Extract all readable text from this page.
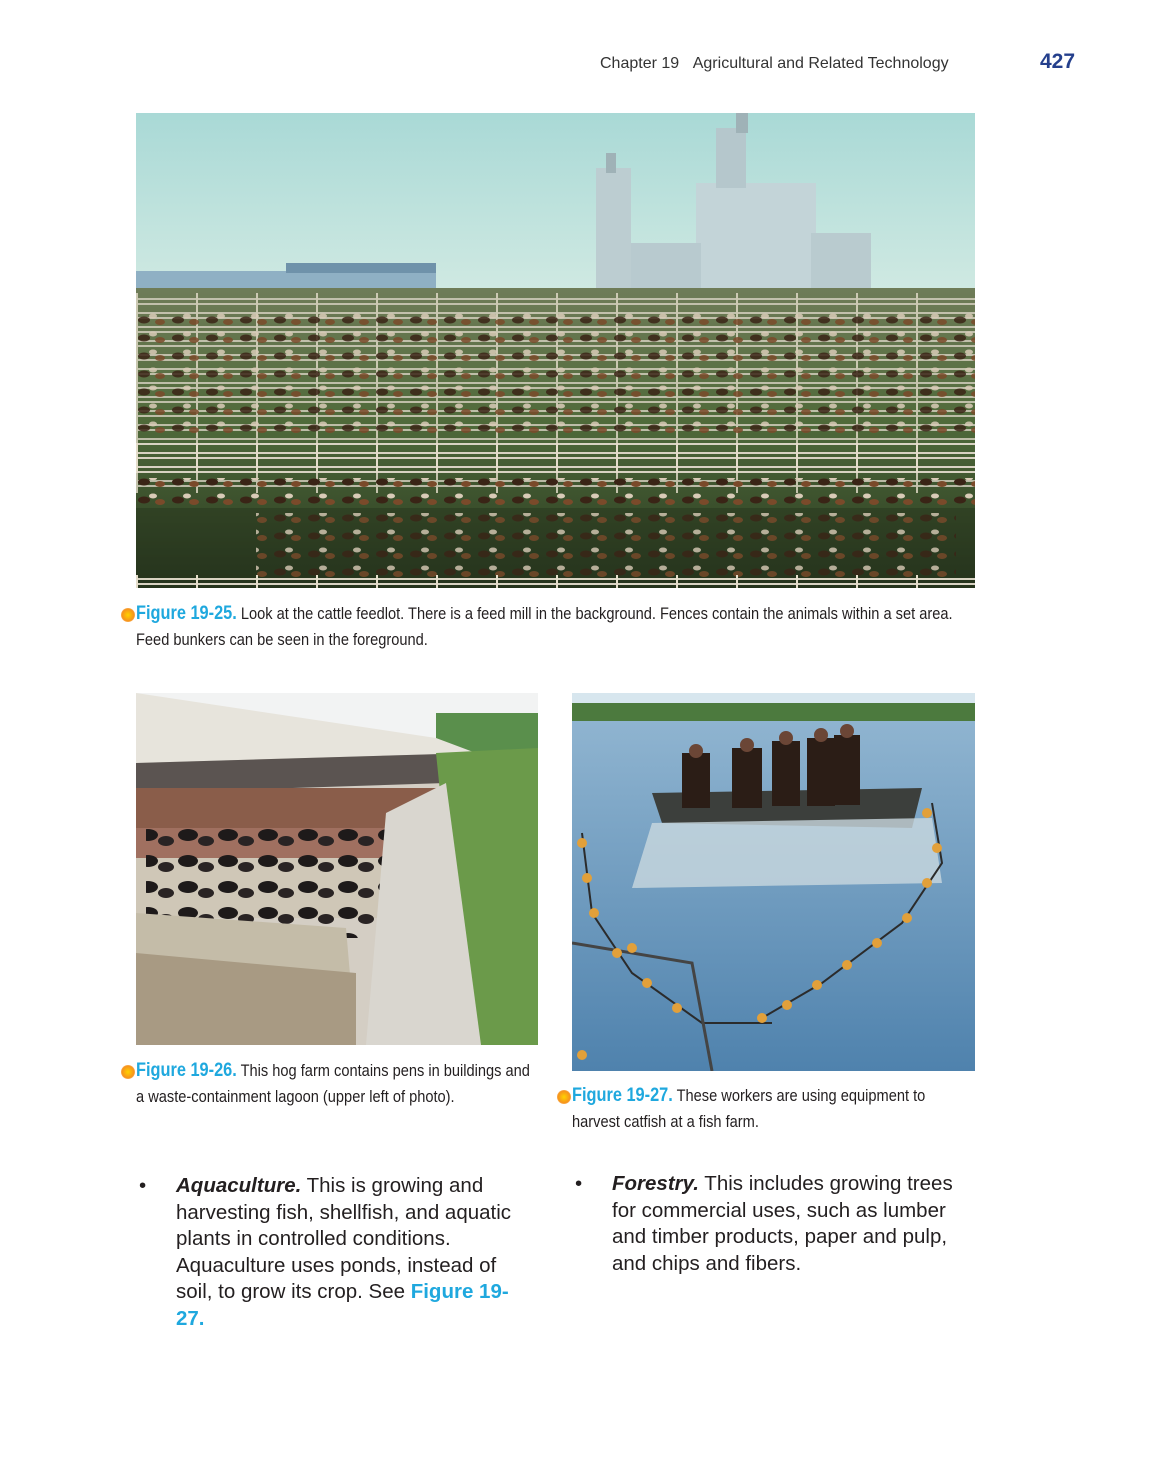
Chapter 19 Agricultural and Related Technology	427
Figure 19-25. Look at the cattle feedlot. There is a feed mill in the background. Fences contain the animals within a set area. Feed bunkers can be seen in the foreground.
Figure 19-26. This hog farm contains pens in buildings and a waste-containment lagoon (upper left of photo).	Figure 19-27. These workers are using equipment to harvest catfish at a fish farm.
• Aquaculture. This is growing and harvesting fish, shellfish, and aquatic plants in controlled conditions. Aquaculture uses ponds, instead of soil, to grow its crop. See Figure 19-27.
• Forestry. This includes growing trees for commercial uses, such as lumber and timber products, paper and pulp, and chips and fibers.
